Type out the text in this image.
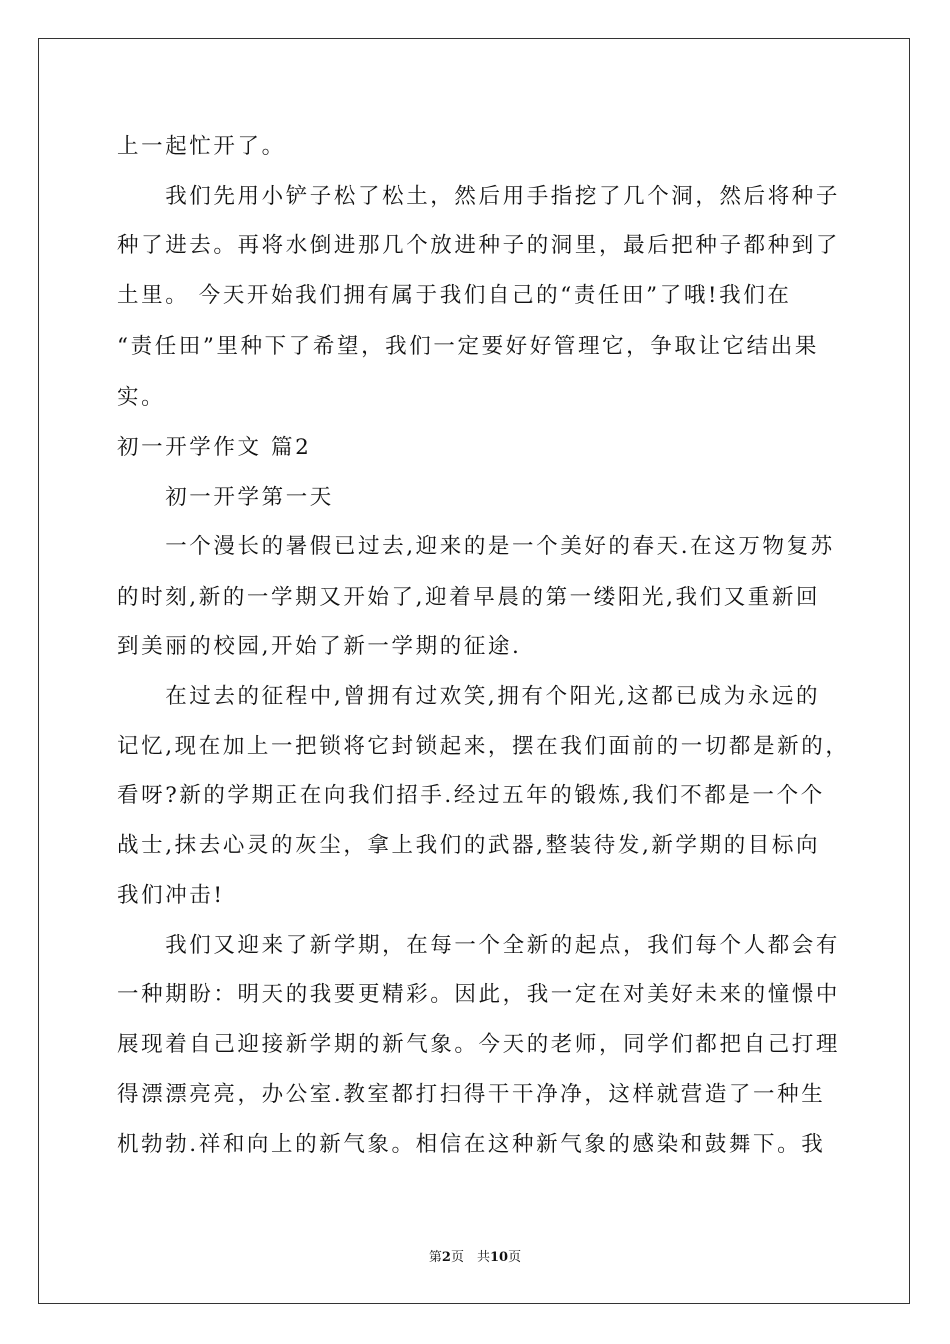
上一起忙开了。
　　我们先用小铲子松了松土，然后用手指挖了几个洞，然后将种子
种了进去。再将水倒进那几个放进种子的洞里，最后把种子都种到了
土里。 今天开始我们拥有属于我们自己的“责任田”了哦!我们在
“责任田”里种下了希望，我们一定要好好管理它，争取让它结出果
实。
初一开学作文 篇2
　　初一开学第一天
　　一个漫长的暑假已过去,迎来的是一个美好的春天.在这万物复苏
的时刻,新的一学期又开始了,迎着早晨的第一缕阳光,我们又重新回
到美丽的校园,开始了新一学期的征途.
　　在过去的征程中,曾拥有过欢笑,拥有个阳光,这都已成为永远的
记忆,现在加上一把锁将它封锁起来，摆在我们面前的一切都是新的，
看呀?新的学期正在向我们招手.经过五年的锻炼,我们不都是一个个
战士,抹去心灵的灰尘，拿上我们的武器,整装待发,新学期的目标向
我们冲击!
　　我们又迎来了新学期，在每一个全新的起点，我们每个人都会有
一种期盼：明天的我要更精彩。因此，我一定在对美好未来的憧憬中
展现着自己迎接新学期的新气象。今天的老师，同学们都把自己打理
得漂漂亮亮，办公室.教室都打扫得干干净净，这样就营造了一种生
机勃勃.祥和向上的新气象。相信在这种新气象的感染和鼓舞下。我
第2页　共10页
